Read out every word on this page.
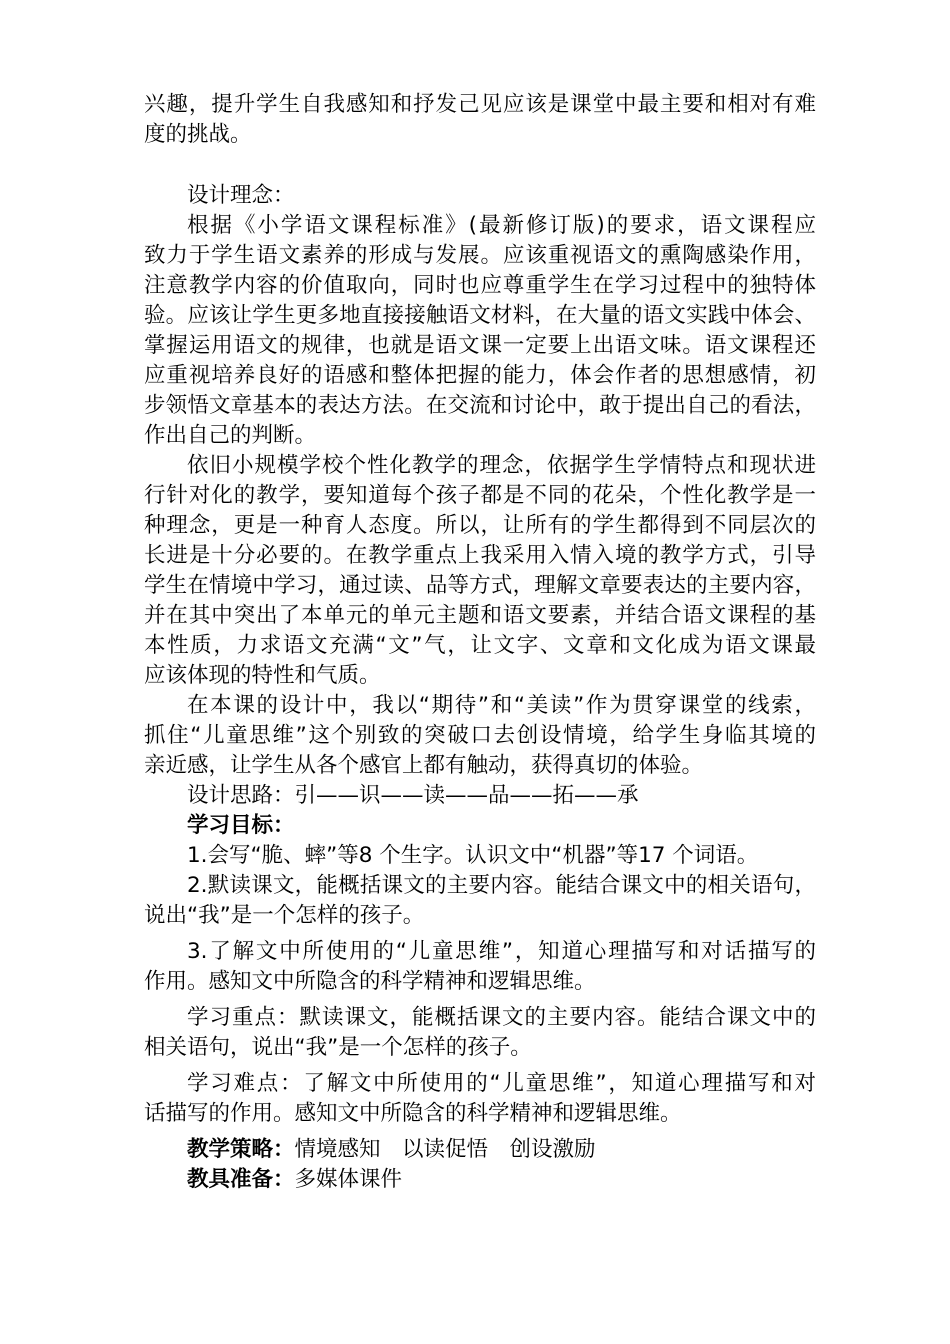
兴趣，提升学生自我感知和抒发己见应该是课堂中最主要和相对有难
度的挑战。
设计理念：
根据《小学语文课程标准》(最新修订版)的要求，语文课程应
致力于学生语文素养的形成与发展。应该重视语文的熏陶感染作用，
注意教学内容的价值取向，同时也应尊重学生在学习过程中的独特体
验。应该让学生更多地直接接触语文材料，在大量的语文实践中体会、
掌握运用语文的规律，也就是语文课一定要上出语文味。语文课程还
应重视培养良好的语感和整体把握的能力，体会作者的思想感情，初
步领悟文章基本的表达方法。在交流和讨论中，敢于提出自己的看法，
作出自己的判断。
依旧小规模学校个性化教学的理念，依据学生学情特点和现状进
行针对化的教学，要知道每个孩子都是不同的花朵，个性化教学是一
种理念，更是一种育人态度。所以，让所有的学生都得到不同层次的
长进是十分必要的。在教学重点上我采用入情入境的教学方式，引导
学生在情境中学习，通过读、品等方式，理解文章要表达的主要内容，
并在其中突出了本单元的单元主题和语文要素，并结合语文课程的基
本性质，力求语文充满“文”气，让文字、文章和文化成为语文课最
应该体现的特性和气质。
在本课的设计中，我以“期待”和“美读”作为贯穿课堂的线索，
抓住“儿童思维”这个别致的突破口去创设情境，给学生身临其境的
亲近感，让学生从各个感官上都有触动，获得真切的体验。
设计思路：引——识——读——品——拓——承
学习目标：
1.会写“脆、蟀”等8 个生字。认识文中“机器”等17 个词语。
2.默读课文，能概括课文的主要内容。能结合课文中的相关语句，
说出“我”是一个怎样的孩子。
3.了解文中所使用的“儿童思维”，知道心理描写和对话描写的
作用。感知文中所隐含的科学精神和逻辑思维。
学习重点：默读课文，能概括课文的主要内容。能结合课文中的
相关语句，说出“我”是一个怎样的孩子。
学习难点：了解文中所使用的“儿童思维”，知道心理描写和对
话描写的作用。感知文中所隐含的科学精神和逻辑思维。
教学策略：情境感知　以读促悟　创设激励
教具准备：多媒体课件
